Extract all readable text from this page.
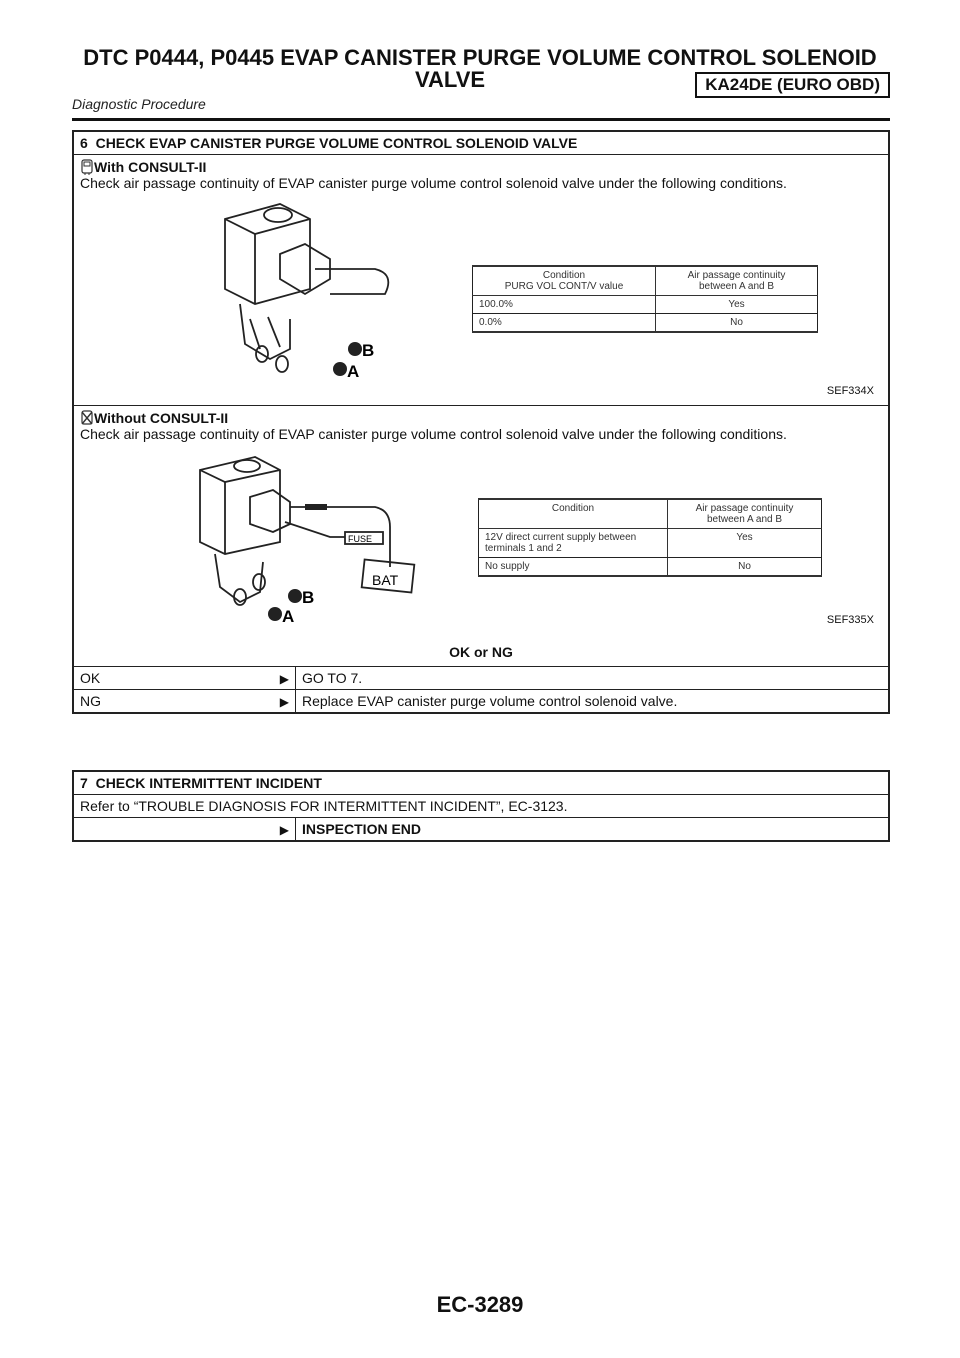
DTC P0444, P0445 EVAP CANISTER PURGE VOLUME CONTROL SOLENOID
VALVE	KA24DE (EURO OBD)
Diagnostic Procedure
6 CHECK EVAP CANISTER PURGE VOLUME CONTROL SOLENOID VALVE

With CONSULT-II
Check air passage continuity of EVAP canister purge volume control solenoid valve under the following conditions.
B
A
Condition
PURG VOL CONT/V value	Air passage continuity
between A and B
100.0%	Yes
0.0%	No
SEF334X

Without CONSULT-II
Check air passage continuity of EVAP canister purge volume control solenoid valve under the following conditions.
FUSE
BAT
B
A
Condition	Air passage continuity
between A and B
12V direct current supply between
terminals 1 and 2	Yes
No supply	No
SEF335X
OK or NG

OK	▶	GO TO 7.
NG	▶	Replace EVAP canister purge volume control solenoid valve.
7 CHECK INTERMITTENT INCIDENT
Refer to “TROUBLE DIAGNOSIS FOR INTERMITTENT INCIDENT”, EC-3123.
	▶	INSPECTION END
EC-3289
